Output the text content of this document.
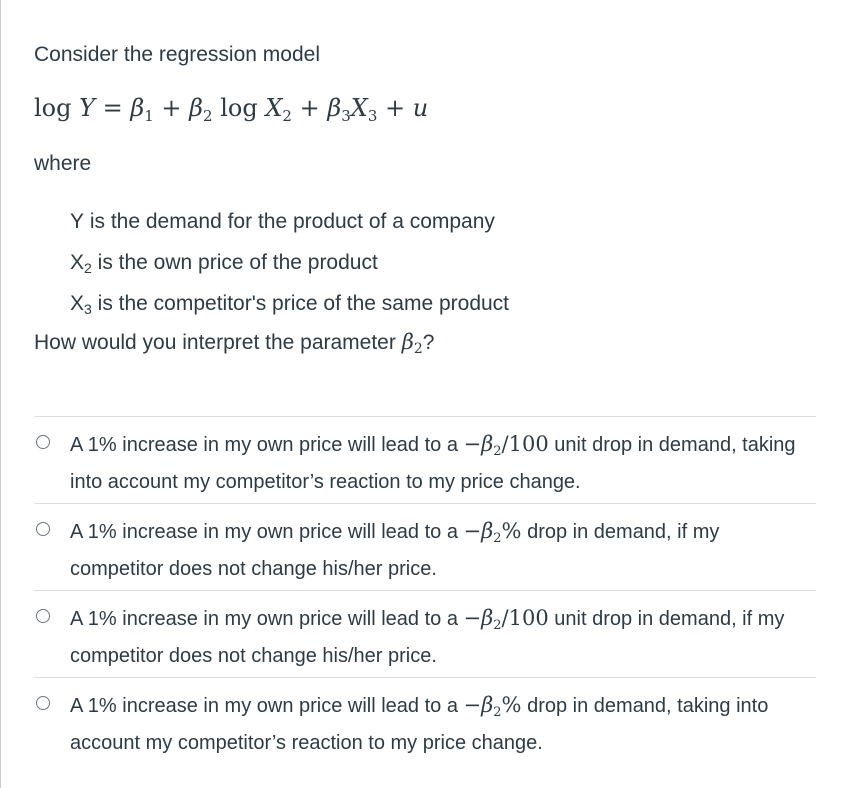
Consider the regression model
$\log Y = \beta_1 + \beta_2$ $\log X_2 + \beta_3X_3 + u$
where
Y is the demand for the product of a company
$X_2$ is the own price of the product
$X_3$ is the competitor's price of the same product
How would you interpret the parameter $\beta_2$?
A 1% increase in my own price will lead to $a -\beta_2/100$ unit drop in demand, taking into account my competitor’s reaction to my price change.
A 1% increase in my own price will lead to $a -\beta_2\%$ drop in demand, if my competitor does not change his/her price.
A 1% increase in my own price will lead to $a -\beta_2/100$ unit drop in demand, if my competitor does not change his/her price.
A 1% increase in my own price will lead to $a -\beta_2\%$ drop in demand, taking into account my competitor’s reaction to my price change.
